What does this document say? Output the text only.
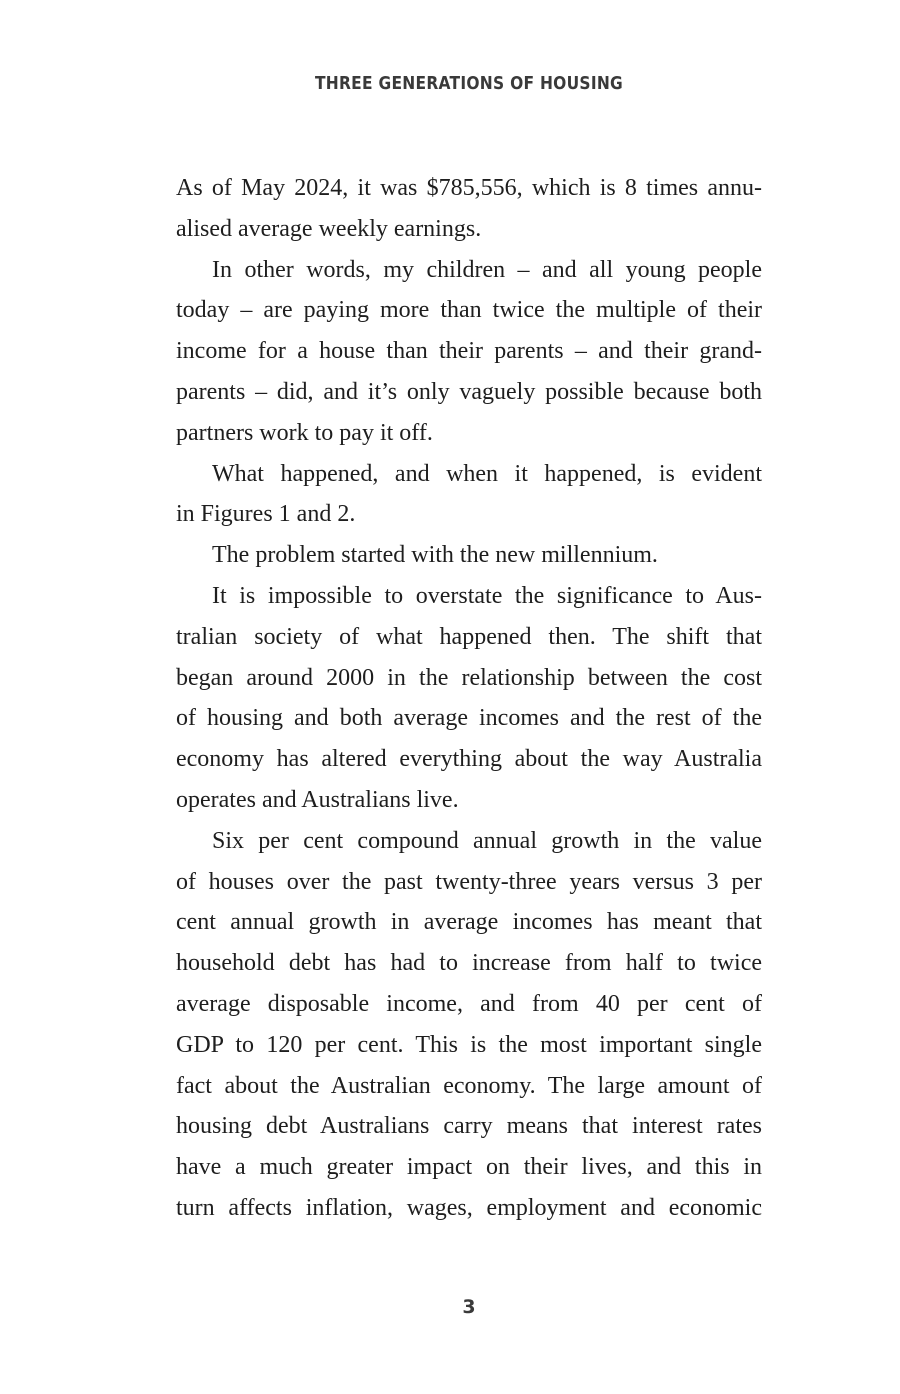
THREE GENERATIONS OF HOUSING
As of May 2024, it was $785,556, which is 8 times annu-
alised average weekly earnings.
In other words, my children – and all young people
today – are paying more than twice the multiple of their
income for a house than their parents – and their grand-
parents – did, and it’s only vaguely possible because both
partners work to pay it off.
What happened, and when it happened, is evident
in Figures 1 and 2.
The problem started with the new millennium.
It is impossible to overstate the significance to Aus-
tralian society of what happened then. The shift that
began around 2000 in the relationship between the cost
of housing and both average incomes and the rest of the
economy has altered everything about the way Australia
operates and Australians live.
Six per cent compound annual growth in the value
of houses over the past twenty-three years versus 3 per
cent annual growth in average incomes has meant that
household debt has had to increase from half to twice
average disposable income, and from 40 per cent of
GDP to 120 per cent. This is the most important single
fact about the Australian economy. The large amount of
housing debt Australians carry means that interest rates
have a much greater impact on their lives, and this in
turn affects inflation, wages, employment and economic
3
